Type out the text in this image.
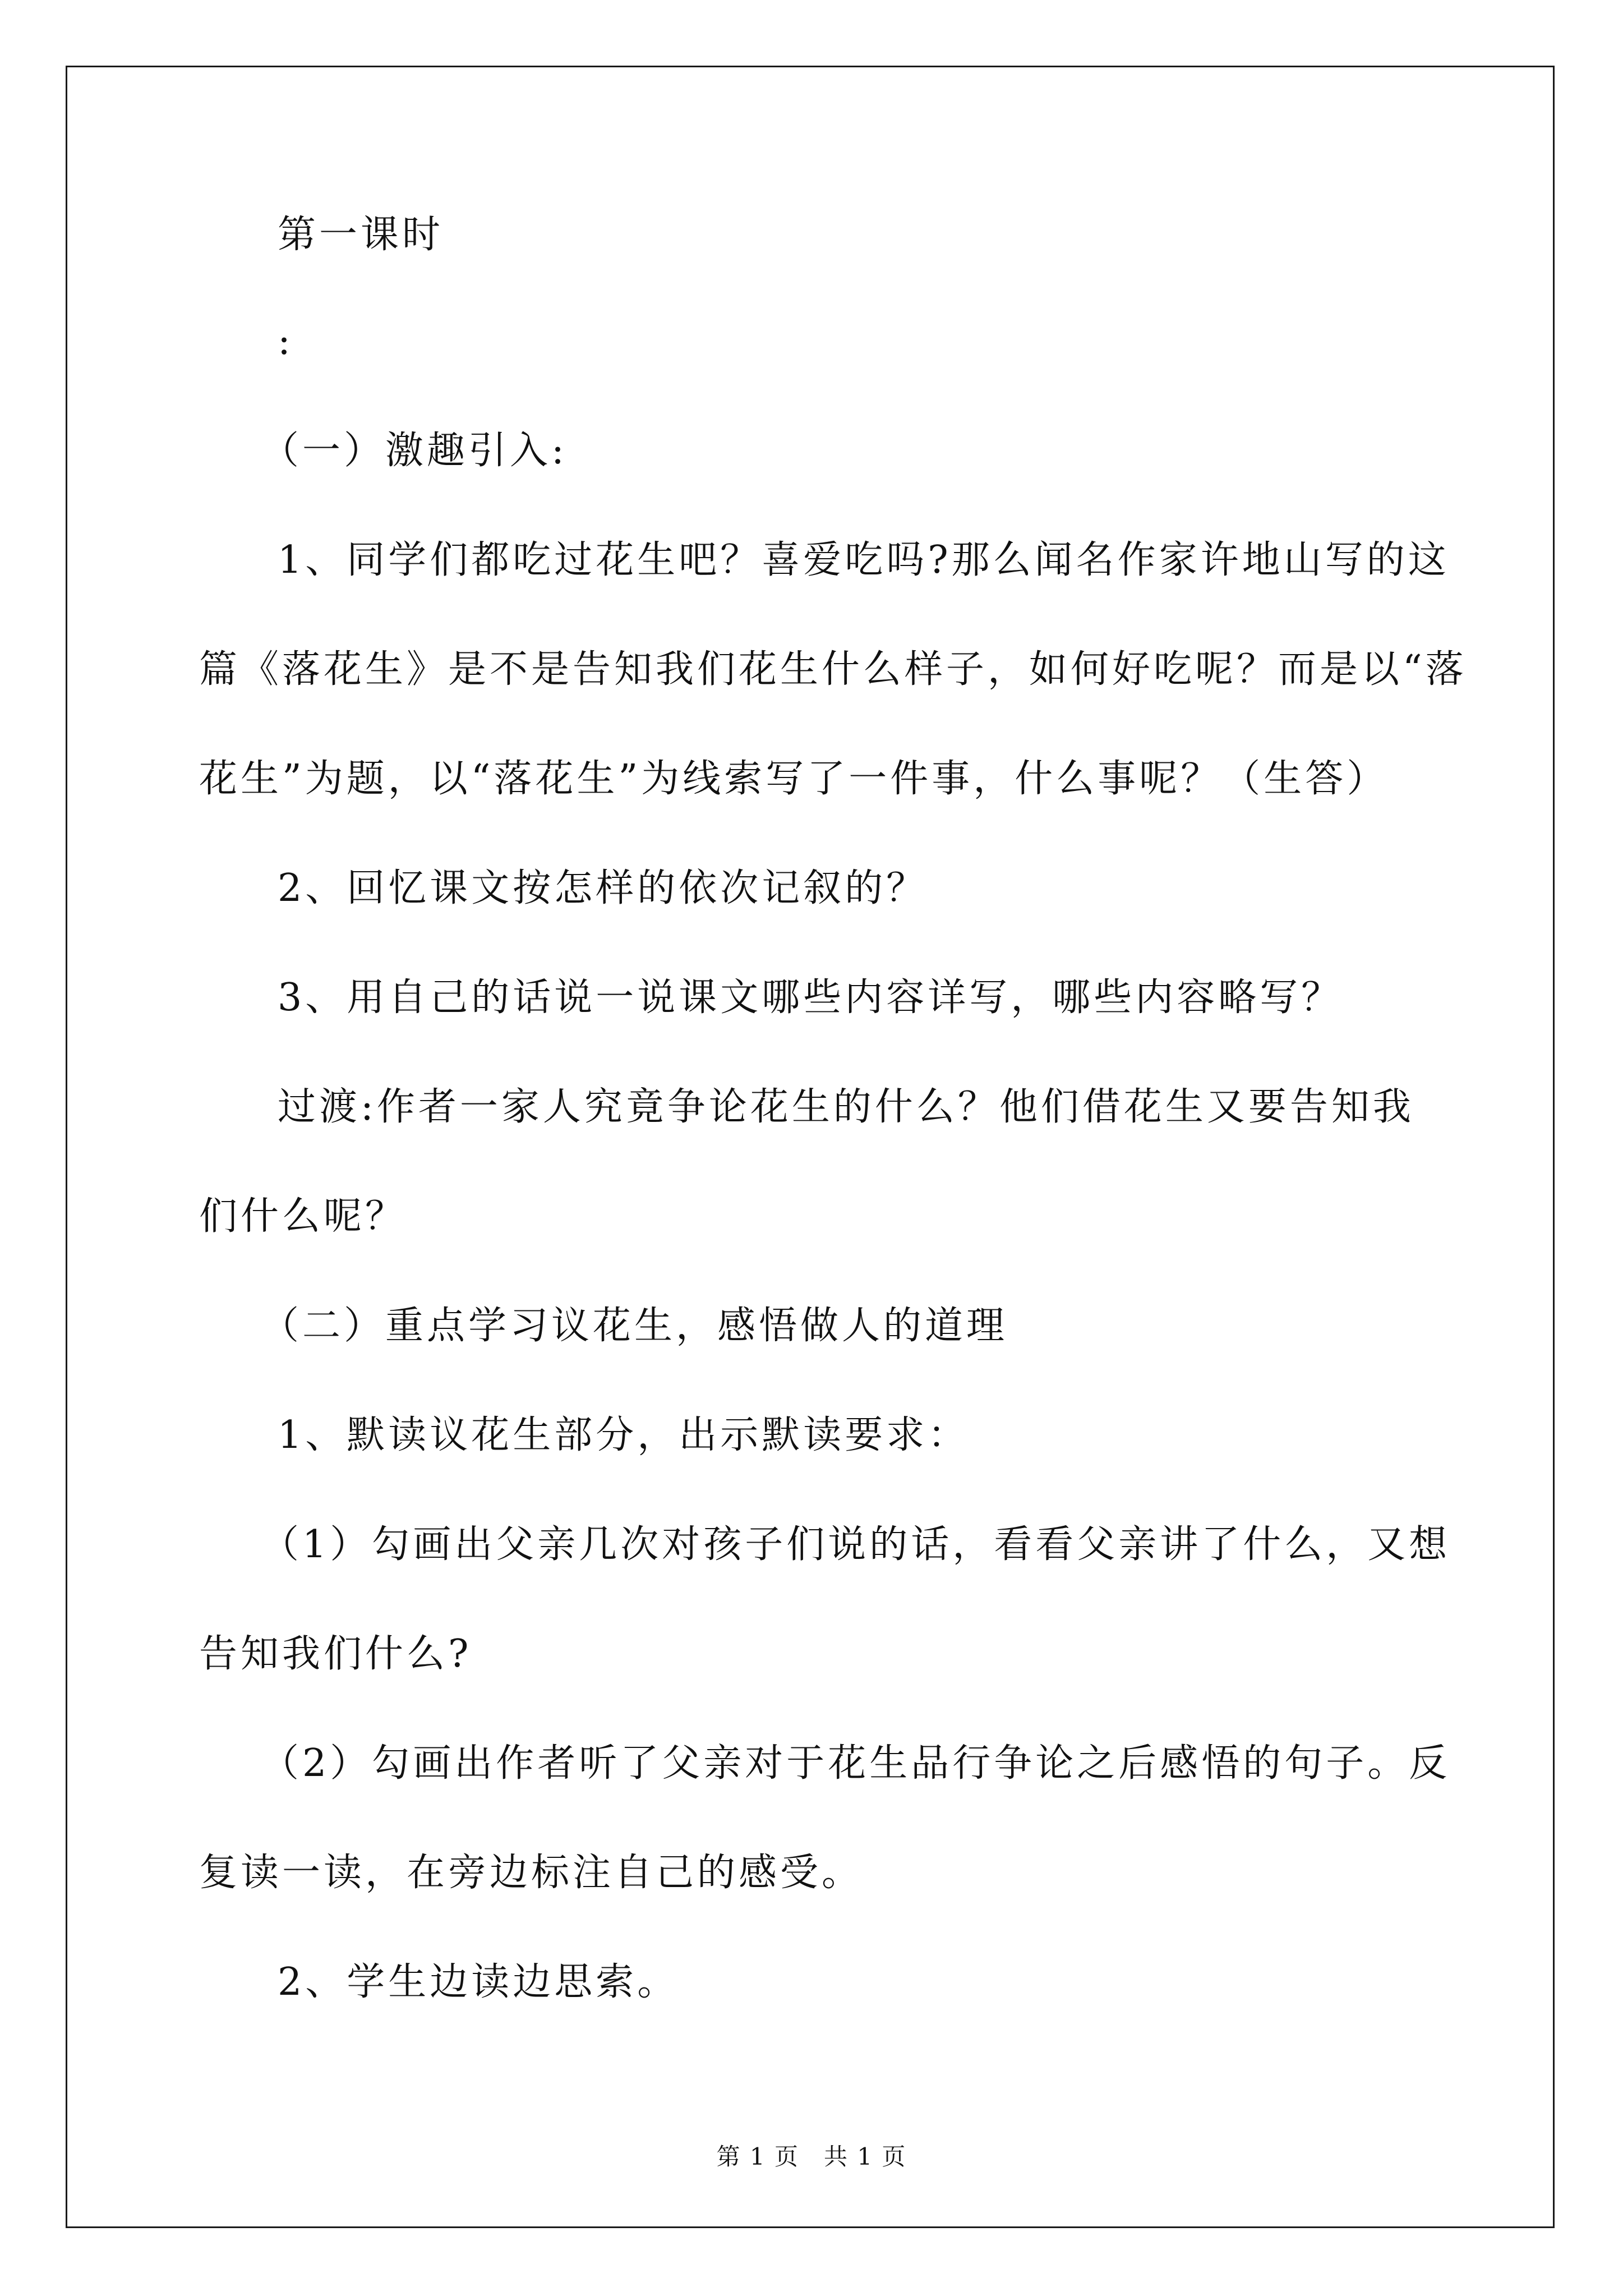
第一课时
:
（一）激趣引入:
1、同学们都吃过花生吧？喜爱吃吗?那么闻名作家许地山写的这
篇《落花生》是不是告知我们花生什么样子，如何好吃呢？而是以“落
花生”为题，以“落花生”为线索写了一件事，什么事呢？（生答）
2、回忆课文按怎样的依次记叙的？
3、用自己的话说一说课文哪些内容详写，哪些内容略写？
过渡:作者一家人究竟争论花生的什么？他们借花生又要告知我
们什么呢？
（二）重点学习议花生，感悟做人的道理
1、默读议花生部分，出示默读要求：
（1）勾画出父亲几次对孩子们说的话，看看父亲讲了什么，又想
告知我们什么?
（2）勾画出作者听了父亲对于花生品行争论之后感悟的句子。反
复读一读，在旁边标注自己的感受。
2、学生边读边思索。
第 1 页　共 1 页
